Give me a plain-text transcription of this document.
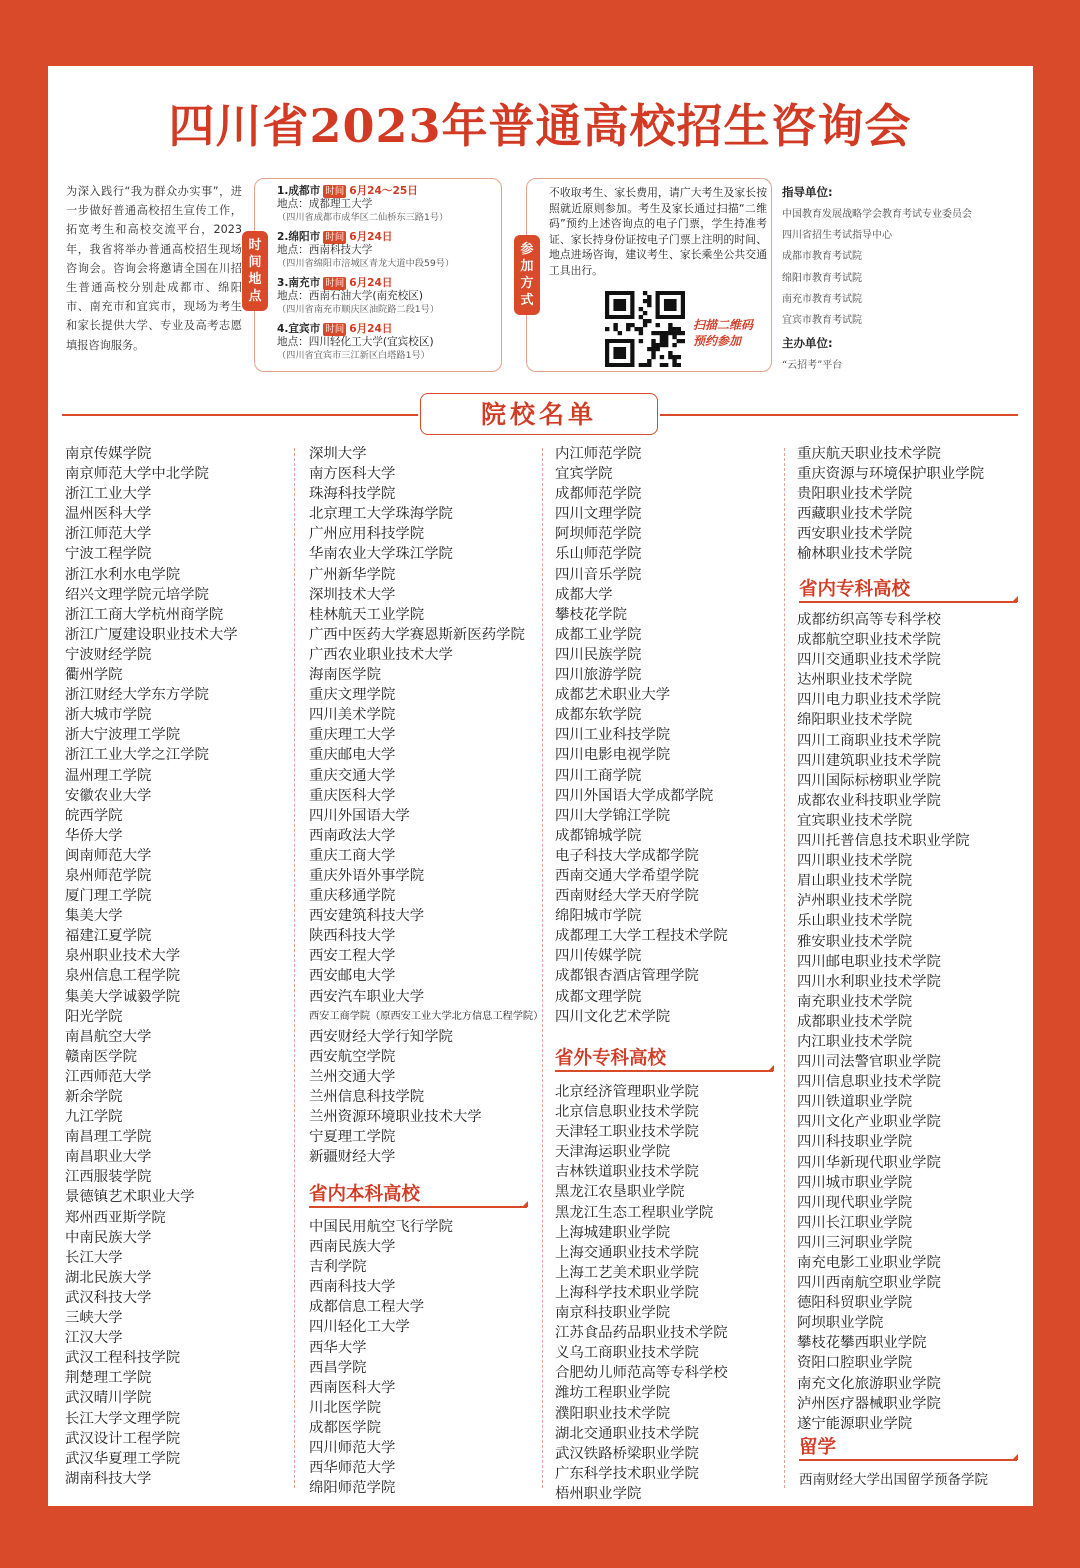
四川省2023年普通高校招生咨询会
为深入践行“我为群众办实事”，进一步做好普通高校招生宣传工作，拓宽考生和高校交流平台，2023年，我省将举办普通高校招生现场咨询会。咨询会将邀请全国在川招生普通高校分别赴成都市、绵阳市、南充市和宜宾市，现场为考生和家长提供大学、专业及高考志愿填报咨询服务。
时
间
地
点
1.成都市 时间 6月24～25日
地点：成都理工大学
（四川省成都市成华区二仙桥东三路1号）
2.绵阳市 时间 6月24日
地点：西南科技大学
（四川省绵阳市涪城区青龙大道中段59号）
3.南充市 时间 6月24日
地点：西南石油大学(南充校区)
（四川省南充市顺庆区油院路二段1号）
4.宜宾市 时间 6月24日
地点：四川轻化工大学(宜宾校区)
（四川省宜宾市三江新区白塔路1号）
参
加
方
式
不收取考生、家长费用，请广大考生及家长按照就近原则参加。考生及家长通过扫描“二维码”预约上述咨询点的电子门票，学生持准考证、家长持身份证按电子门票上注明的时间、地点进场咨询，建议考生、家长乘坐公共交通工具出行。
扫描二维码
预约参加
指导单位:
中国教育发展战略学会教育考试专业委员会
四川省招生考试指导中心
成都市教育考试院
绵阳市教育考试院
南充市教育考试院
宜宾市教育考试院
主办单位:
“云招考”平台
院校名单
南京传媒学院
南京师范大学中北学院
浙江工业大学
温州医科大学
浙江师范大学
宁波工程学院
浙江水利水电学院
绍兴文理学院元培学院
浙江工商大学杭州商学院
浙江广厦建设职业技术大学
宁波财经学院
衢州学院
浙江财经大学东方学院
浙大城市学院
浙大宁波理工学院
浙江工业大学之江学院
温州理工学院
安徽农业大学
皖西学院
华侨大学
闽南师范大学
泉州师范学院
厦门理工学院
集美大学
福建江夏学院
泉州职业技术大学
泉州信息工程学院
集美大学诚毅学院
阳光学院
南昌航空大学
赣南医学院
江西师范大学
新余学院
九江学院
南昌理工学院
南昌职业大学
江西服装学院
景德镇艺术职业大学
郑州西亚斯学院
中南民族大学
长江大学
湖北民族大学
武汉科技大学
三峡大学
江汉大学
武汉工程科技学院
荆楚理工学院
武汉晴川学院
长江大学文理学院
武汉设计工程学院
武汉华夏理工学院
湖南科技大学
深圳大学
南方医科大学
珠海科技学院
北京理工大学珠海学院
广州应用科技学院
华南农业大学珠江学院
广州新华学院
深圳技术大学
桂林航天工业学院
广西中医药大学赛恩斯新医药学院
广西农业职业技术大学
海南医学院
重庆文理学院
四川美术学院
重庆理工大学
重庆邮电大学
重庆交通大学
重庆医科大学
四川外国语大学
西南政法大学
重庆工商大学
重庆外语外事学院
重庆移通学院
西安建筑科技大学
陕西科技大学
西安工程大学
西安邮电大学
西安汽车职业大学
西安工商学院（原西安工业大学北方信息工程学院）
西安财经大学行知学院
西安航空学院
兰州交通大学
兰州信息科技学院
兰州资源环境职业技术大学
宁夏理工学院
新疆财经大学
省内本科高校
中国民用航空飞行学院
西南民族大学
吉利学院
西南科技大学
成都信息工程大学
四川轻化工大学
西华大学
西昌学院
西南医科大学
川北医学院
成都医学院
四川师范大学
西华师范大学
绵阳师范学院
内江师范学院
宜宾学院
成都师范学院
四川文理学院
阿坝师范学院
乐山师范学院
四川音乐学院
成都大学
攀枝花学院
成都工业学院
四川民族学院
四川旅游学院
成都艺术职业大学
成都东软学院
四川工业科技学院
四川电影电视学院
四川工商学院
四川外国语大学成都学院
四川大学锦江学院
成都锦城学院
电子科技大学成都学院
西南交通大学希望学院
西南财经大学天府学院
绵阳城市学院
成都理工大学工程技术学院
四川传媒学院
成都银杏酒店管理学院
成都文理学院
四川文化艺术学院
省外专科高校
北京经济管理职业学院
北京信息职业技术学院
天津轻工职业技术学院
天津海运职业学院
吉林铁道职业技术学院
黑龙江农垦职业学院
黑龙江生态工程职业学院
上海城建职业学院
上海交通职业技术学院
上海工艺美术职业学院
上海科学技术职业学院
南京科技职业学院
江苏食品药品职业技术学院
义乌工商职业技术学院
合肥幼儿师范高等专科学校
潍坊工程职业学院
濮阳职业技术学院
湖北交通职业技术学院
武汉铁路桥梁职业学院
广东科学技术职业学院
梧州职业学院
重庆航天职业技术学院
重庆资源与环境保护职业学院
贵阳职业技术学院
西藏职业技术学院
西安职业技术学院
榆林职业技术学院
省内专科高校
成都纺织高等专科学校
成都航空职业技术学院
四川交通职业技术学院
达州职业技术学院
四川电力职业技术学院
绵阳职业技术学院
四川工商职业技术学院
四川建筑职业技术学院
四川国际标榜职业学院
成都农业科技职业学院
宜宾职业技术学院
四川托普信息技术职业学院
四川职业技术学院
眉山职业技术学院
泸州职业技术学院
乐山职业技术学院
雅安职业技术学院
四川邮电职业技术学院
四川水利职业技术学院
南充职业技术学院
成都职业技术学院
内江职业技术学院
四川司法警官职业学院
四川信息职业技术学院
四川铁道职业学院
四川文化产业职业学院
四川科技职业学院
四川华新现代职业学院
四川城市职业学院
四川现代职业学院
四川长江职业学院
四川三河职业学院
南充电影工业职业学院
四川西南航空职业学院
德阳科贸职业学院
阿坝职业学院
攀枝花攀西职业学院
资阳口腔职业学院
南充文化旅游职业学院
泸州医疗器械职业学院
遂宁能源职业学院
留学
西南财经大学出国留学预备学院
